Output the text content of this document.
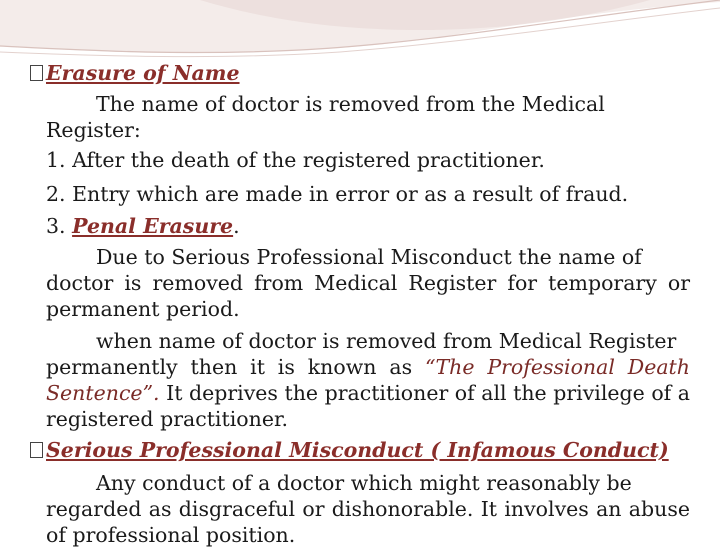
Erasure of Name
The name of doctor is removed from the Medical
Register:
1. After the death of the registered practitioner.
2. Entry which are made in error or as a result of fraud.
3. Penal Erasure.
Due to Serious Professional Misconduct the name of
doctor is removed from Medical Register for temporary or
permanent period.
when name of doctor is removed from Medical Register
permanently then it is known as “The Professional Death
Sentence”. It deprives the practitioner of all the privilege of a
registered practitioner.
Serious Professional Misconduct ( Infamous Conduct)
Any conduct of a doctor which might reasonably be
regarded as disgraceful or dishonorable. It involves an abuse
of professional position.
